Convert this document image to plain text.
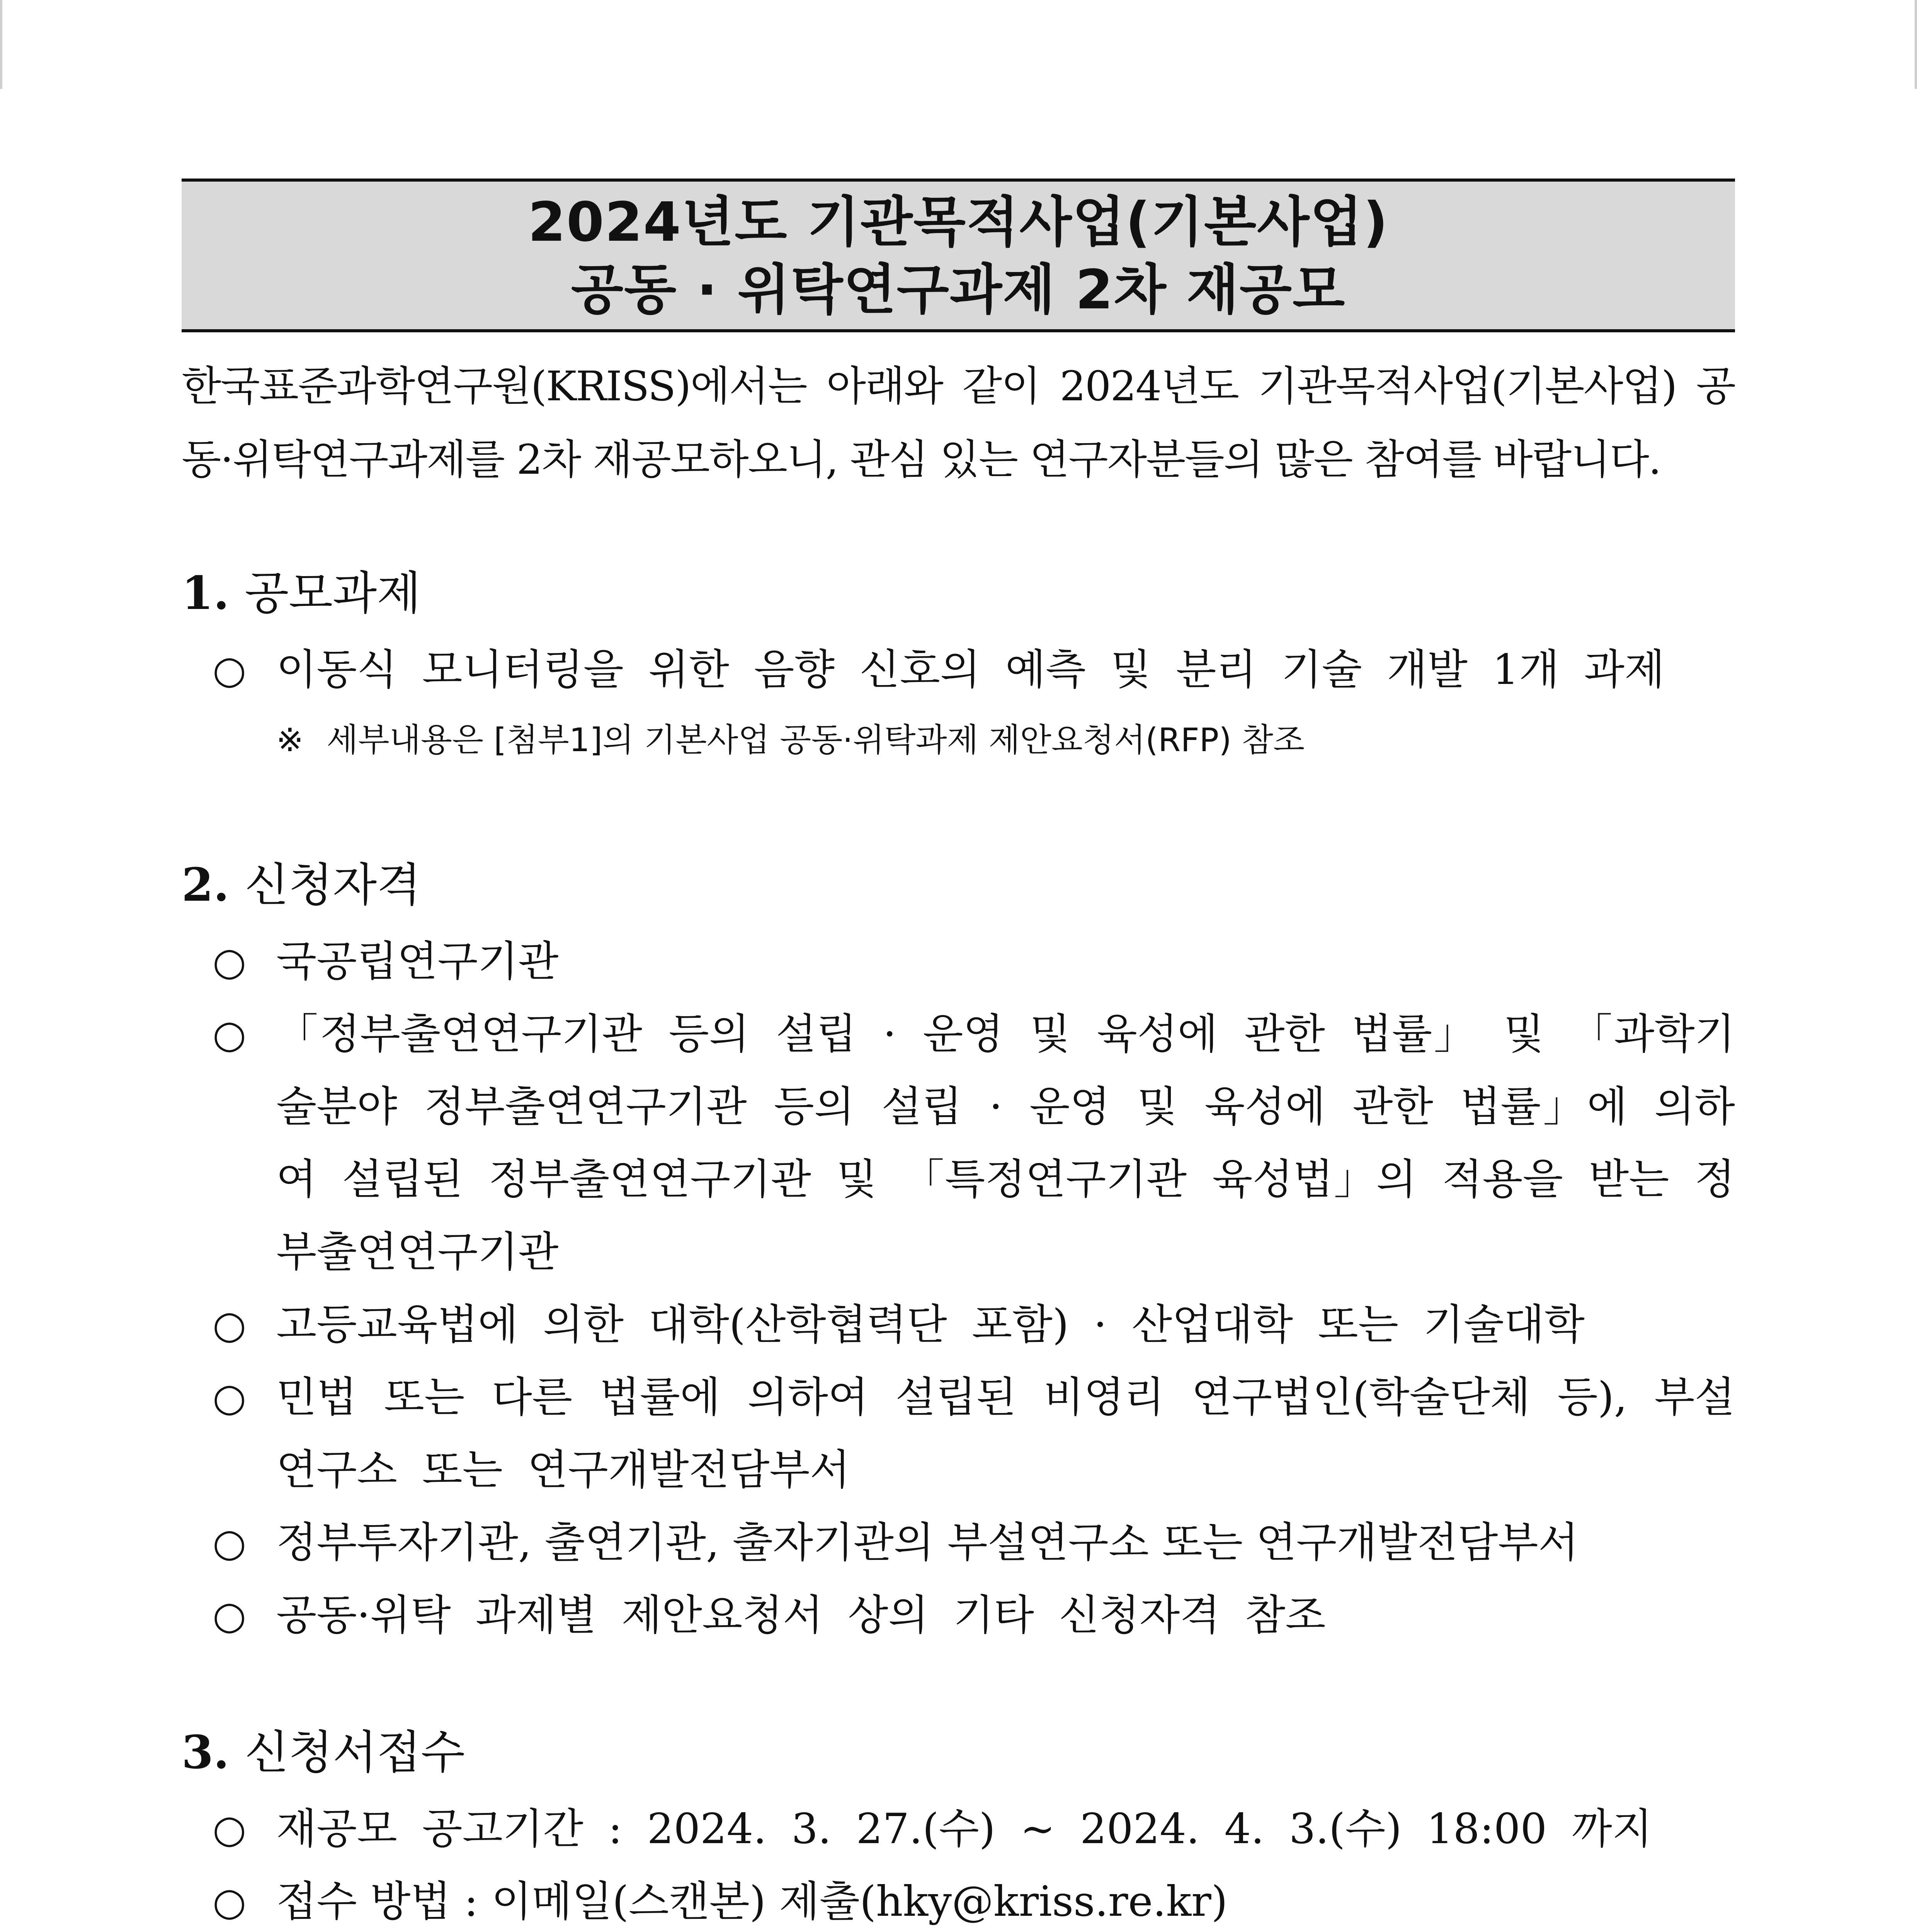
2024년도 기관목적사업(기본사업)
공동 · 위탁연구과제 2차 재공모
한국표준과학연구원(KRISS)에서는 아래와 같이 2024년도 기관목적사업(기본사업) 공동·위탁연구과제를 2차 재공모하오니, 관심 있는 연구자분들의 많은 참여를 바랍니다.
1. 공모과제
○ 이동식 모니터링을 위한 음향 신호의 예측 및 분리 기술 개발 1개 과제
※ 세부내용은 [첨부1]의 기본사업 공동·위탁과제 제안요청서(RFP) 참조
2. 신청자격
○ 국공립연구기관
○ 「정부출연연구기관 등의 설립 · 운영 및 육성에 관한 법률」 및 「과학기술분야 정부출연연구기관 등의 설립 · 운영 및 육성에 관한 법률」에 의하여 설립된 정부출연연구기관 및 「특정연구기관 육성법」의 적용을 받는 정부출연연구기관
○ 고등교육법에 의한 대학(산학협력단 포함) · 산업대학 또는 기술대학
○ 민법 또는 다른 법률에 의하여 설립된 비영리 연구법인(학술단체 등), 부설연구소 또는 연구개발전담부서
○ 정부투자기관, 출연기관, 출자기관의 부설연구소 또는 연구개발전담부서
○ 공동·위탁 과제별 제안요청서 상의 기타 신청자격 참조
3. 신청서접수
○ 재공모 공고기간 : 2024. 3. 27.(수) ~ 2024. 4. 3.(수) 18:00 까지
○ 접수 방법 : 이메일(스캔본) 제출(hky@kriss.re.kr)
